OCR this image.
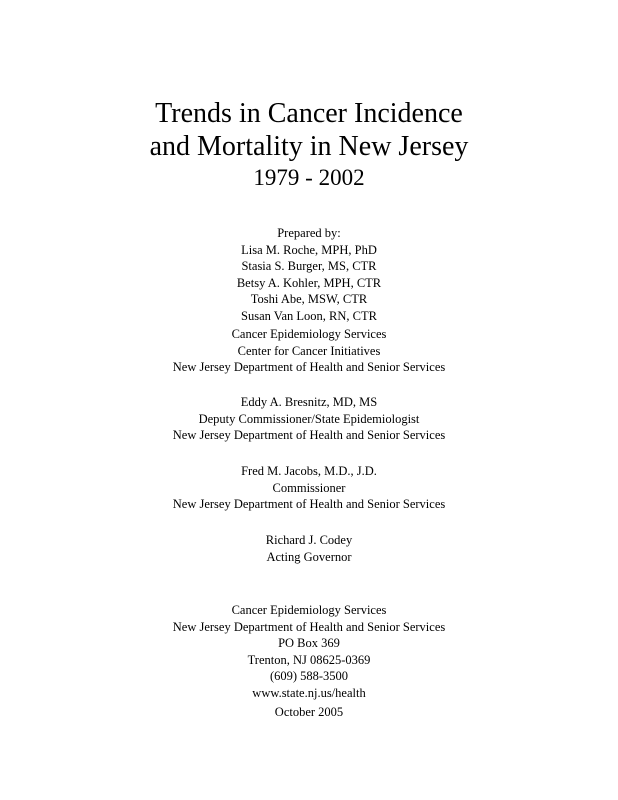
Trends in Cancer Incidence
and Mortality in New Jersey
1979 - 2002
Prepared by:
Lisa M. Roche, MPH, PhD
Stasia S. Burger, MS, CTR
Betsy A. Kohler, MPH, CTR
Toshi Abe, MSW, CTR
Susan Van Loon, RN, CTR
Cancer Epidemiology Services
Center for Cancer Initiatives
New Jersey Department of Health and Senior Services
Eddy A. Bresnitz, MD, MS
Deputy Commissioner/State Epidemiologist
New Jersey Department of Health and Senior Services
Fred M. Jacobs, M.D., J.D.
Commissioner
New Jersey Department of Health and Senior Services
Richard J. Codey
Acting Governor
Cancer Epidemiology Services
New Jersey Department of Health and Senior Services
PO Box 369
Trenton, NJ 08625-0369
(609) 588-3500
www.state.nj.us/health
October 2005
